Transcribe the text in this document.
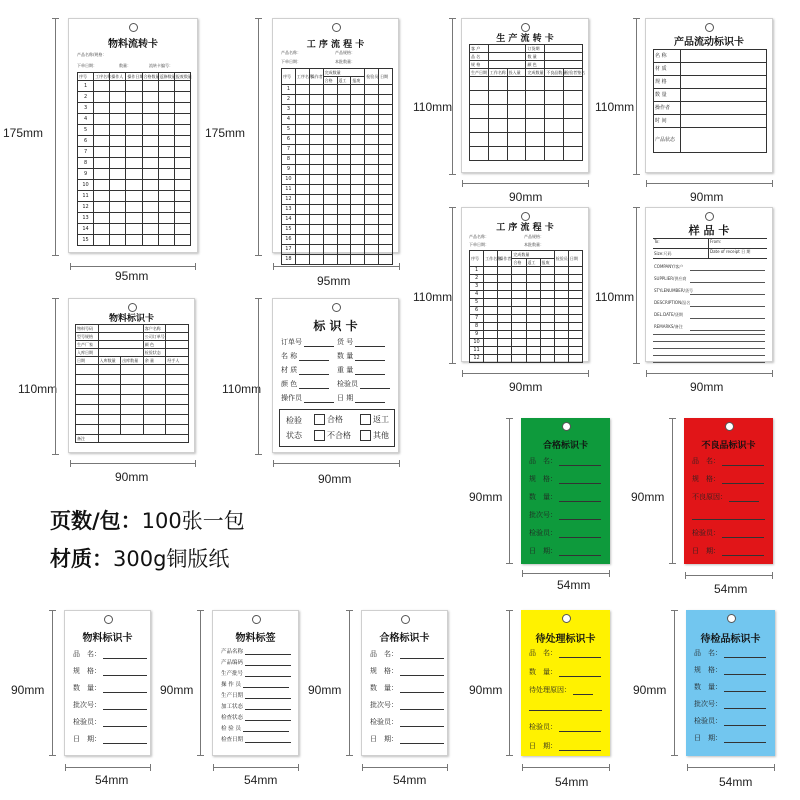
175mm
物料流转卡
产品名称/规格：
下单日期：	数量：	流转卡编号：
序号	工序名称	操作人	操作日期	合格数量	返修数量	报废数量
1						
2						
3						
4						
5						
6						
7						
8						
9						
10						
11						
12						
13						
14						
15						
95mm
175mm
工 序 流 程 卡
产品名称：	产品规格：
下单日期：	本批数量：
序号	工序名称	操作者	完成数量			检验员	日期
			合格	返工	报废		
1							
2							
3							
4							
5							
6							
7							
8							
9							
10							
11							
12							
13							
14							
15							
16							
17							
18							
95mm
110mm
生 产 流 转 卡
客 户			订货期		
品 名			数 量		
规 格			颜 色		
生产日期	工作名称	投入量	完成数量	不良品数量	检验者签名

90mm
110mm
产品流动标识卡
名 称	
材 质	
规 格	
数 量	
操作者	
时 间	
产品状态	
90mm
110mm
工 序 流 程 卡
产品名称：	产品规格：
下单日期：	本批数量：
序号	工作名称	操作者	完成数量			检验员	日期
			合格	返工	报废		
1							
2							
3							
4							
5							
6							
7							
8							
9							
10							
11							
12							
90mm
110mm
样 品 卡
To:	From:
Size:尺码	Date of receipt 日 期
COMPANY/客户
SUPPLIER/供应商
STYLENUMBER/货号
DESCRIPTION/品名
DEL.DATE/货期
REMARKS/备注
90mm
110mm
物料标识卡
物料号码			客户名称	
型号规格			公司订单号	
生产厂家			颜 色	
入库日期			检验状态	
日期	入库数量	出库数量	余 量	经手人

备注				
90mm
110mm
标 识 卡
检验
状态
合格	返工
不合格	其他
订单号	货 号
名 称	数 量
材 质	重 量
颜 色	检验员
操作员	日 期
90mm
页数/包：100张一包
材质：300g铜版纸
90mm
合格标识卡
品　名：
规　格：
数　量：
批次号：
检验员：
日　期：
54mm
90mm
不良品标识卡
品　名：
规　格：
不良原因：
检验员：
日　期：
54mm
90mm
物料标识卡
品　名：
规　格：
数　量：
批次号：
检验员：
日　期：
54mm
90mm
物料标签
产品名称
产品编码
生产批号
操 作 员
生产日期
加工状态
检查状态
检 验 员
检查日期
54mm
90mm
合格标识卡
品　名：
规　格：
数　量：
批次号：
检验员：
日　期：
54mm
90mm
待处理标识卡
品　名：
数　量：
待处理原因：
检验员：
日　期：
54mm
90mm
待检品标识卡
品　名：
规　格：
数　量：
批次号：
检验员：
日　期：
54mm
